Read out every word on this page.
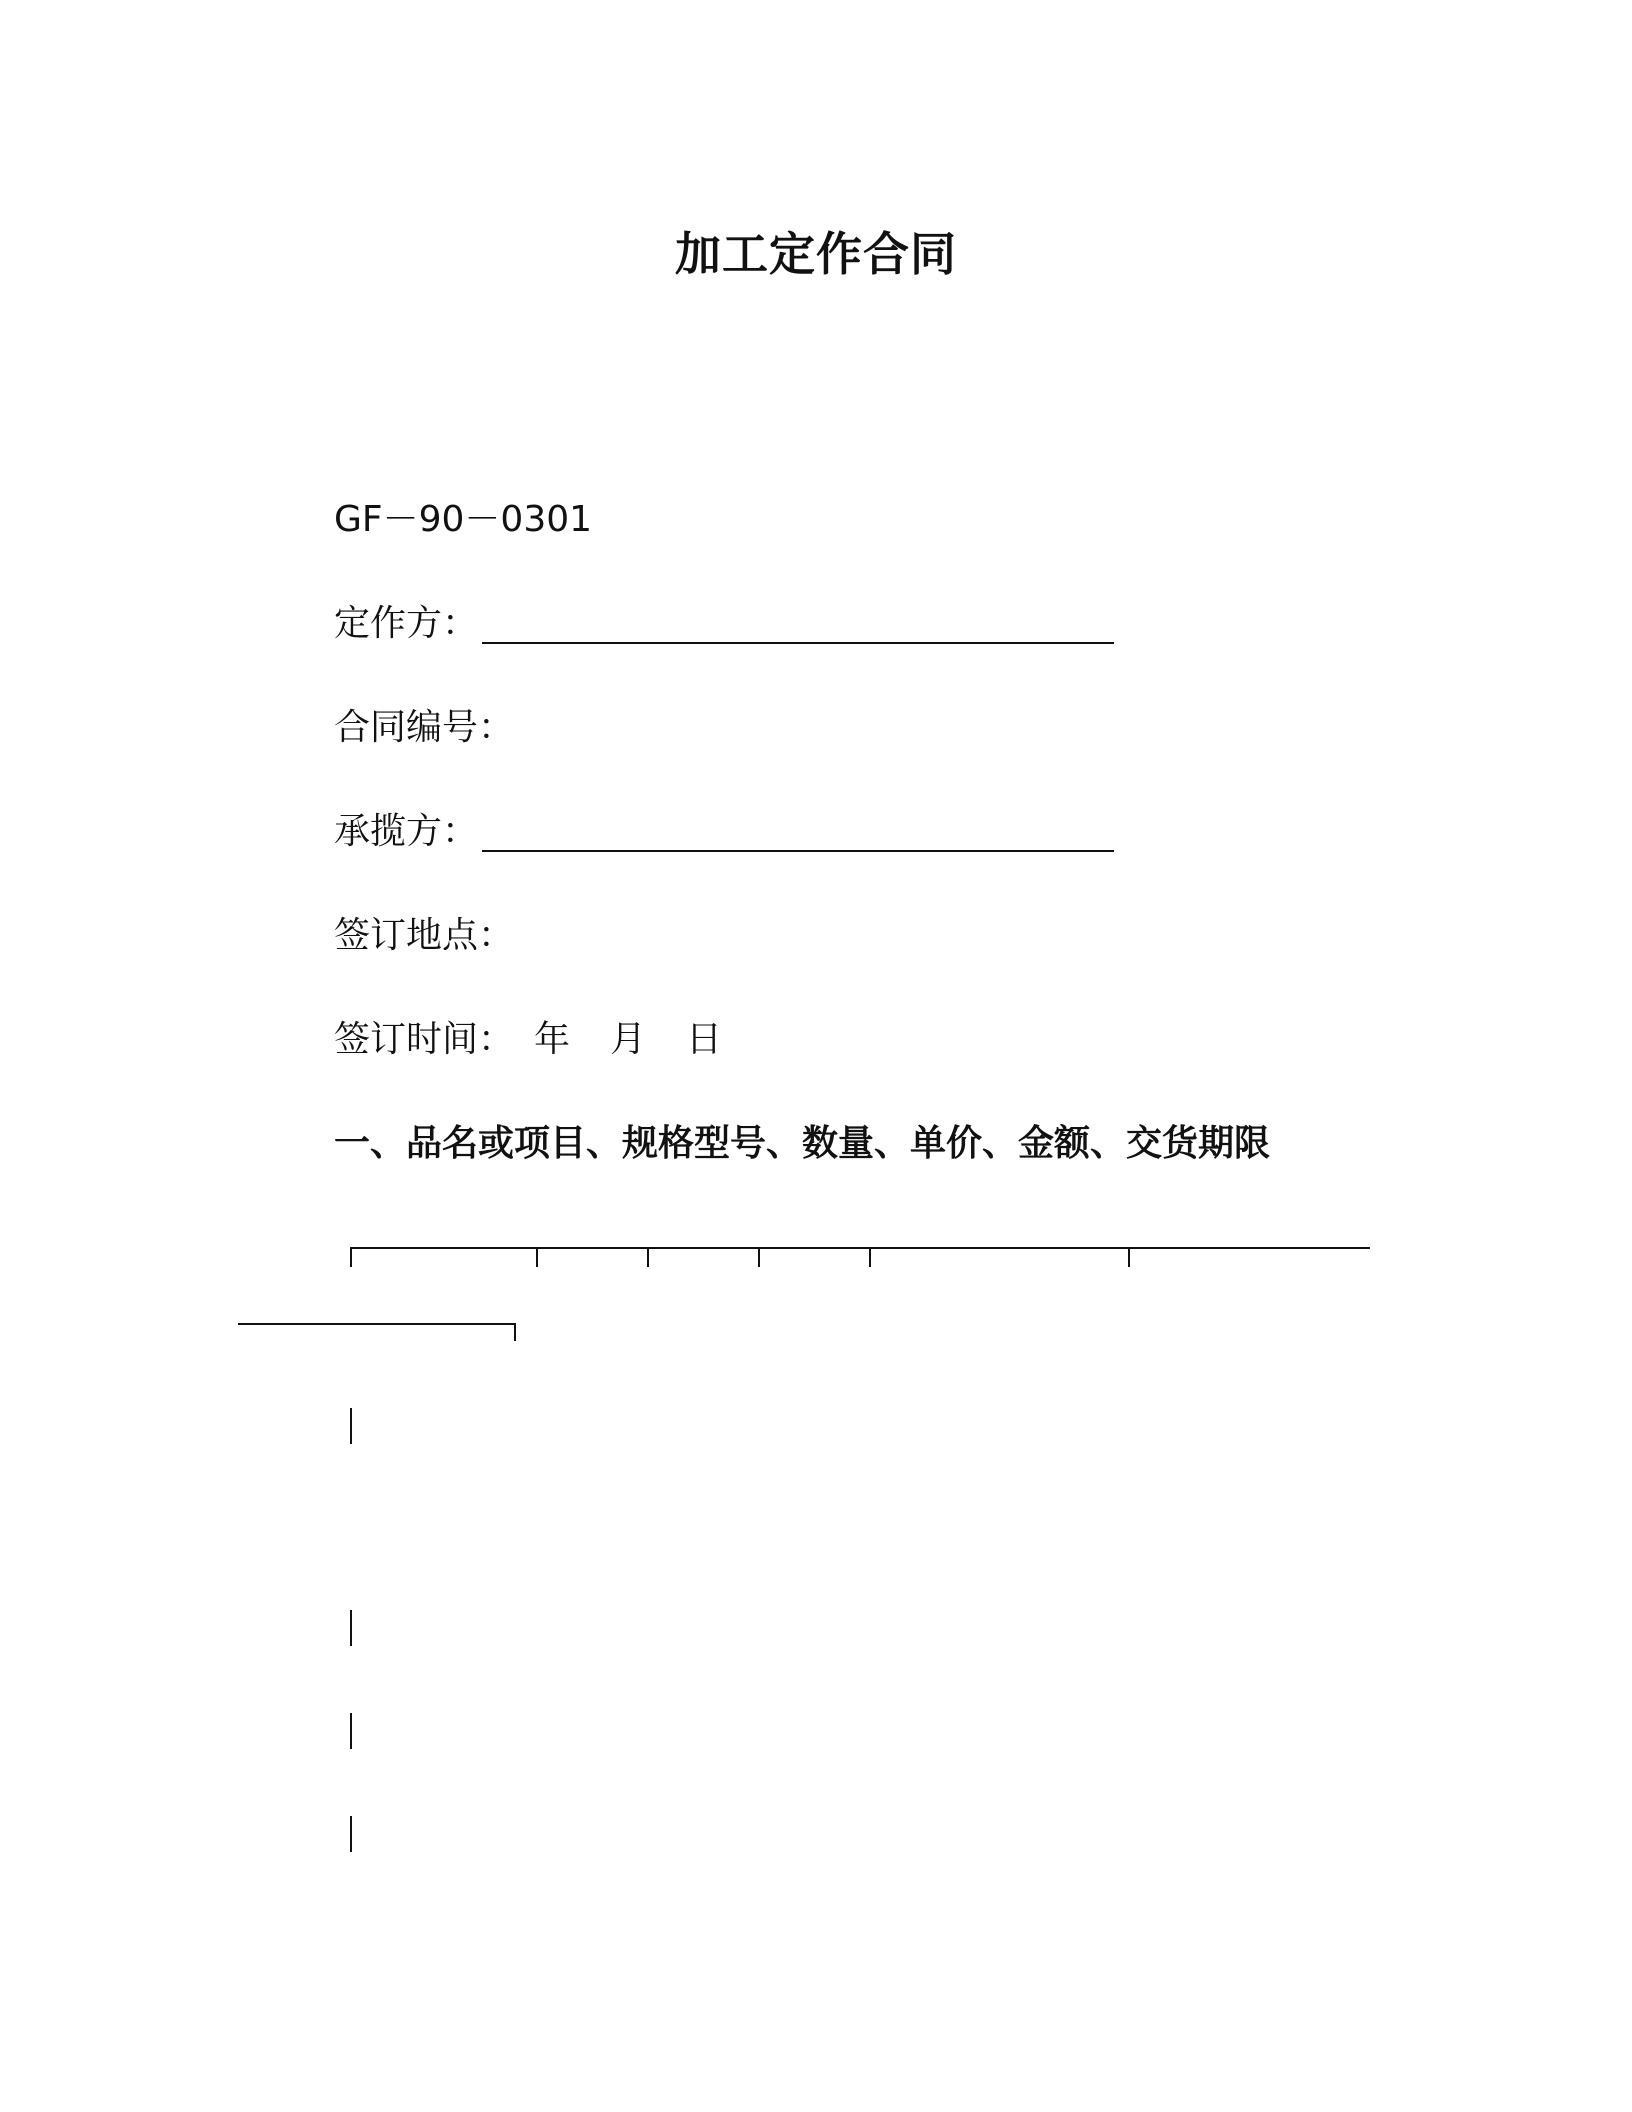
加工定作合同
GF－90－0301
定作方：
合同编号：
承揽方：
签订地点：
签订时间： 年 月 日
一、品名或项目、规格型号、数量、单价、金额、交货期限
